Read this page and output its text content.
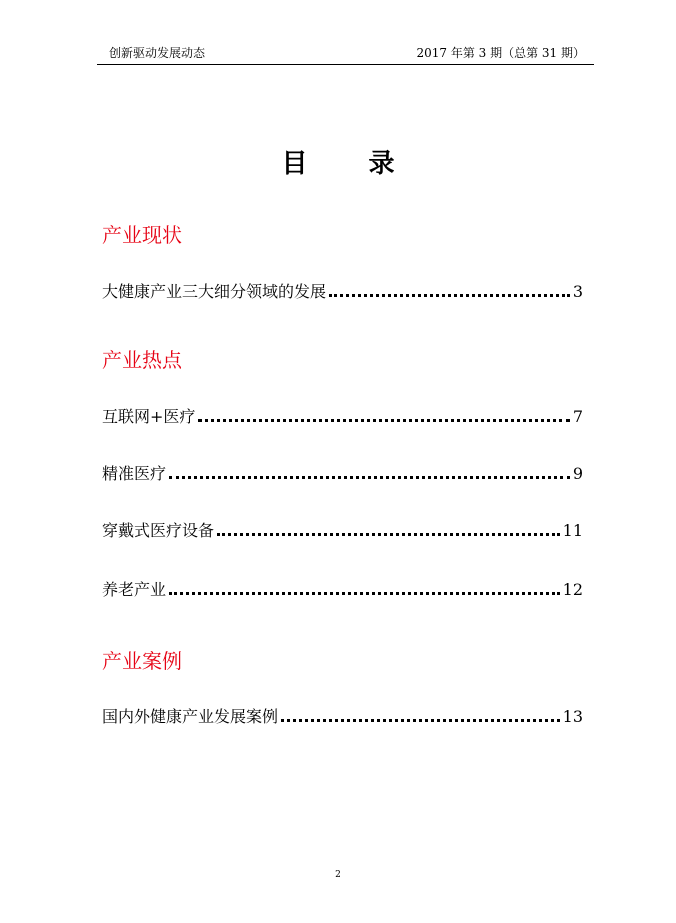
创新驱动发展动态	2017 年第 3 期（总第 31 期）
目 录
产业现状
大健康产业三大细分领域的发展	3
产业热点
互联网+医疗	7
精准医疗	9
穿戴式医疗设备	11
养老产业	12
产业案例
国内外健康产业发展案例	13
2
